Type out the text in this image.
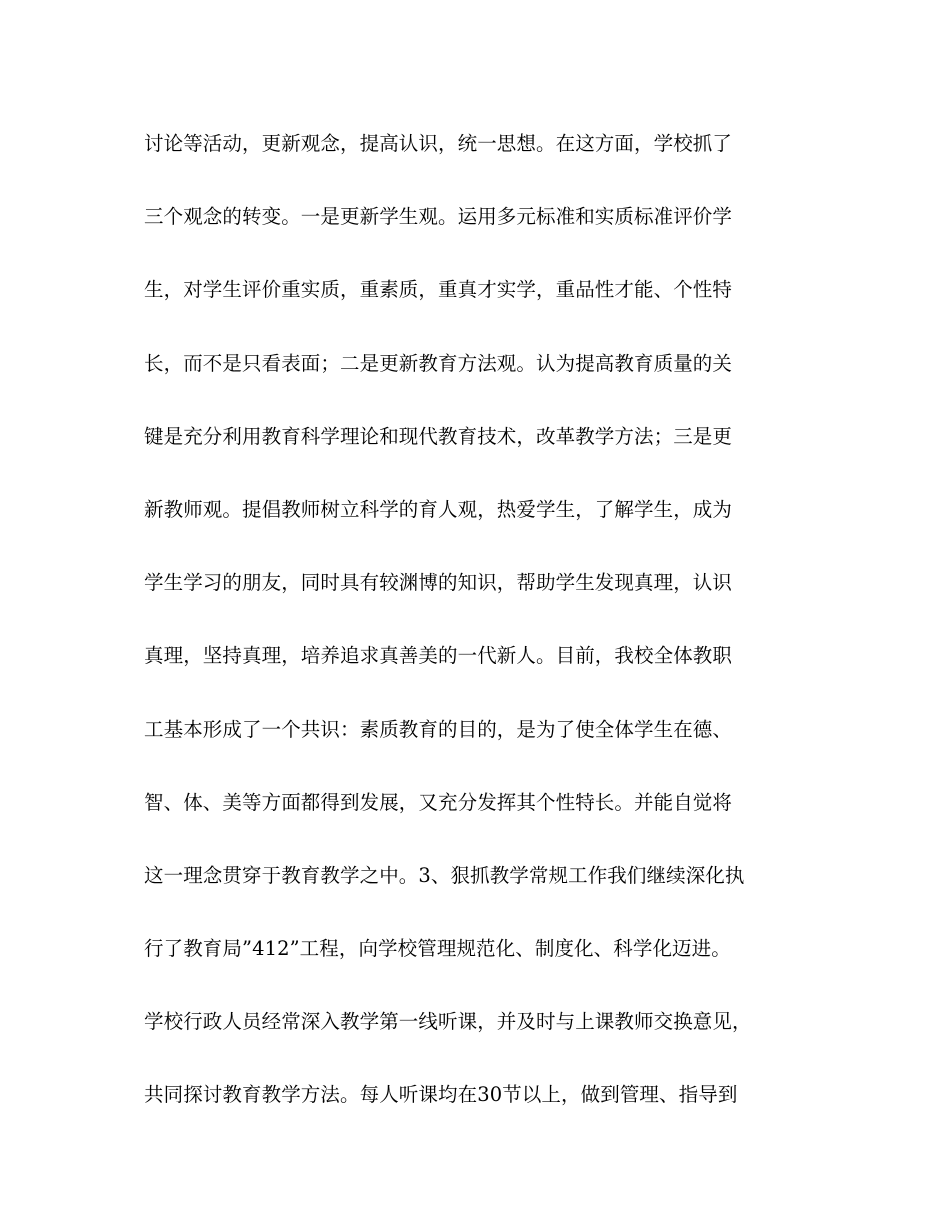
讨论等活动，更新观念，提高认识，统一思想。在这方面，学校抓了
三个观念的转变。一是更新学生观。运用多元标准和实质标准评价学
生，对学生评价重实质，重素质，重真才实学，重品性才能、个性特
长，而不是只看表面；二是更新教育方法观。认为提高教育质量的关
键是充分利用教育科学理论和现代教育技术，改革教学方法；三是更
新教师观。提倡教师树立科学的育人观，热爱学生，了解学生，成为
学生学习的朋友，同时具有较渊博的知识，帮助学生发现真理，认识
真理，坚持真理，培养追求真善美的一代新人。目前，我校全体教职
工基本形成了一个共识：素质教育的目的，是为了使全体学生在德、
智、体、美等方面都得到发展，又充分发挥其个性特长。并能自觉将
这一理念贯穿于教育教学之中。3、狠抓教学常规工作我们继续深化执
行了教育局”412”工程，向学校管理规范化、制度化、科学化迈进。
学校行政人员经常深入教学第一线听课，并及时与上课教师交换意见，
共同探讨教育教学方法。每人听课均在30节以上，做到管理、指导到
